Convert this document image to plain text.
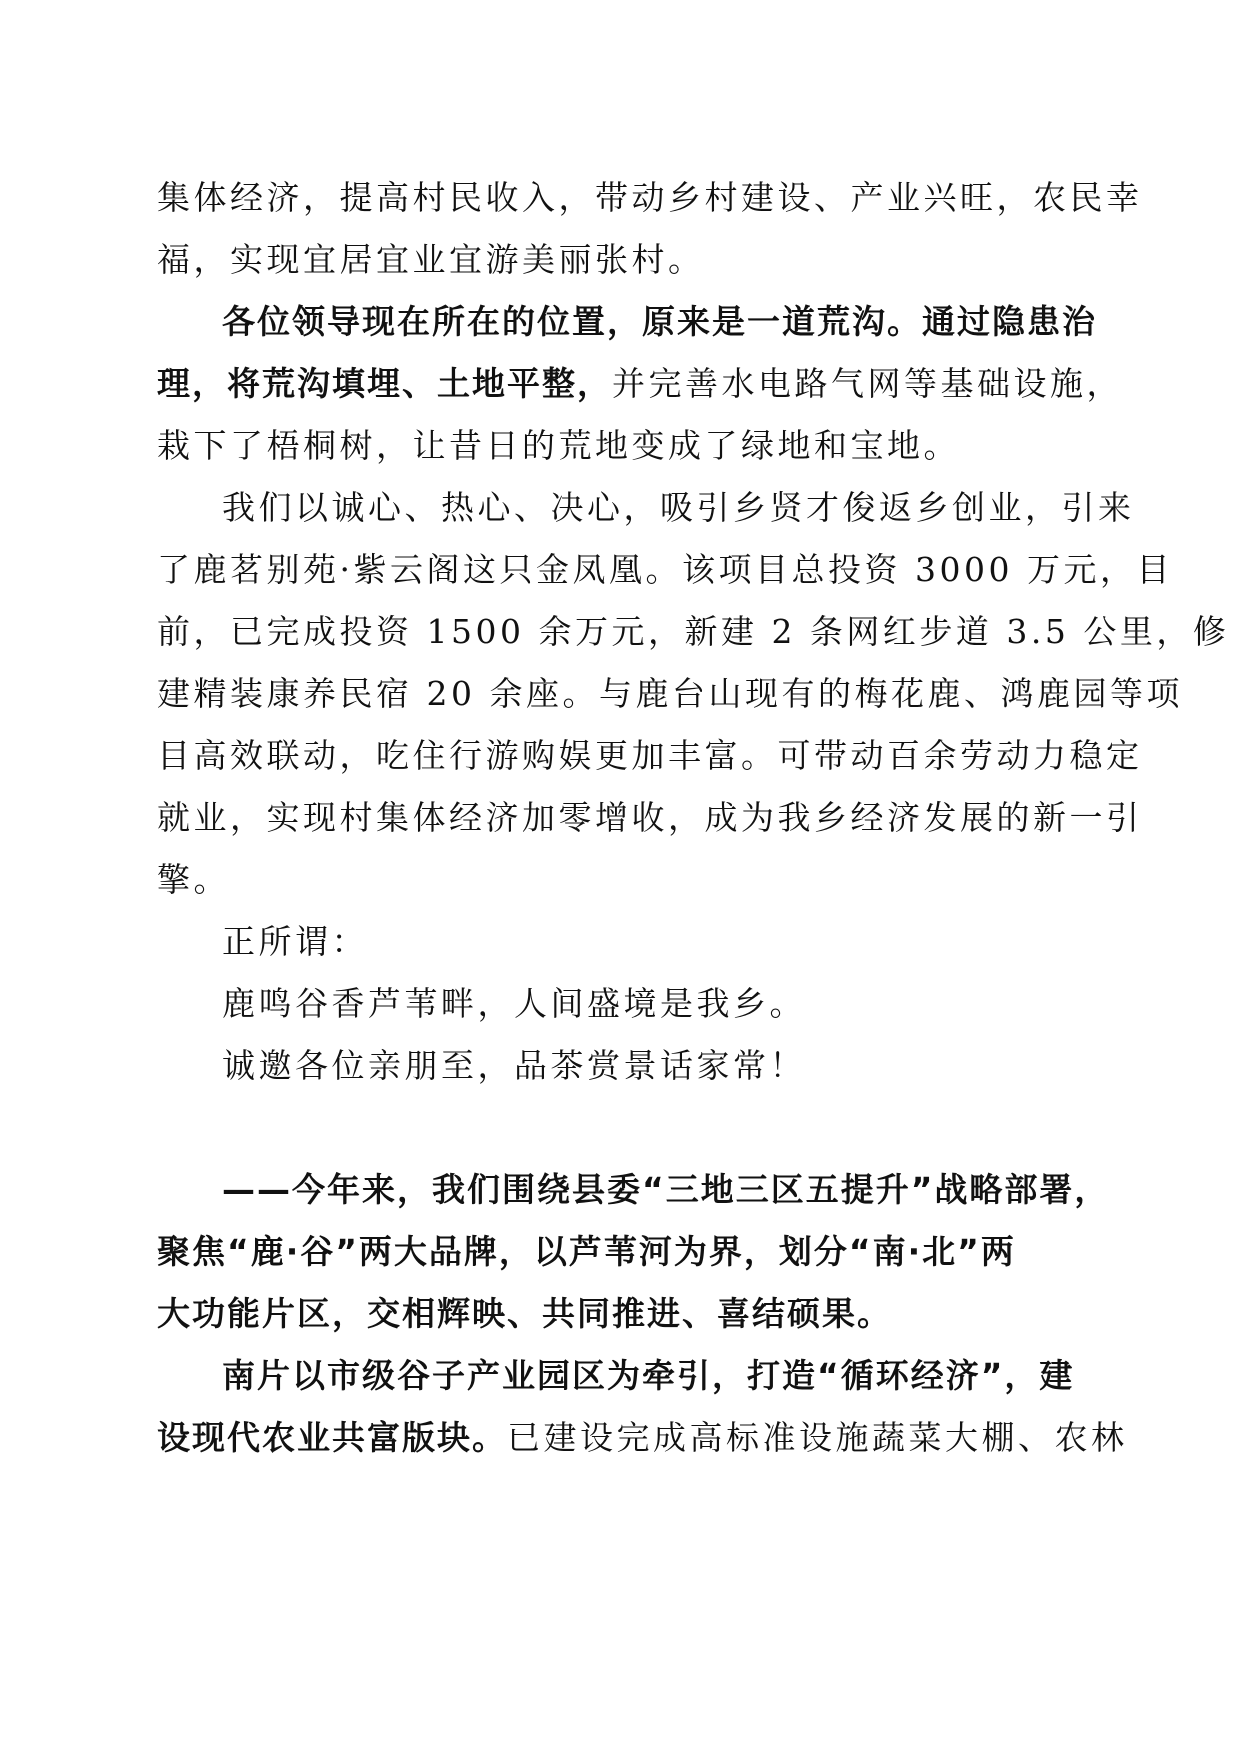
集体经济，提高村民收入，带动乡村建设、产业兴旺，农民幸
福，实现宜居宜业宜游美丽张村。
各位领导现在所在的位置，原来是一道荒沟。通过隐患治
理，将荒沟填埋、土地平整，并完善水电路气网等基础设施，
栽下了梧桐树，让昔日的荒地变成了绿地和宝地。
我们以诚心、热心、决心，吸引乡贤才俊返乡创业，引来
了鹿茗别苑·紫云阁这只金凤凰。该项目总投资 3000 万元，目
前，已完成投资 1500 余万元，新建 2 条网红步道 3.5 公里，修
建精装康养民宿 20 余座。与鹿台山现有的梅花鹿、鸿鹿园等项
目高效联动，吃住行游购娱更加丰富。可带动百余劳动力稳定
就业，实现村集体经济加零增收，成为我乡经济发展的新一引
擎。
正所谓：
鹿鸣谷香芦苇畔，人间盛境是我乡。
诚邀各位亲朋至，品茶赏景话家常！
——今年来，我们围绕县委“三地三区五提升”战略部署，
聚焦“鹿·谷”两大品牌，以芦苇河为界，划分“南·北”两
大功能片区，交相辉映、共同推进、喜结硕果。
南片以市级谷子产业园区为牵引，打造“循环经济”，建
设现代农业共富版块。已建设完成高标准设施蔬菜大棚、农林
